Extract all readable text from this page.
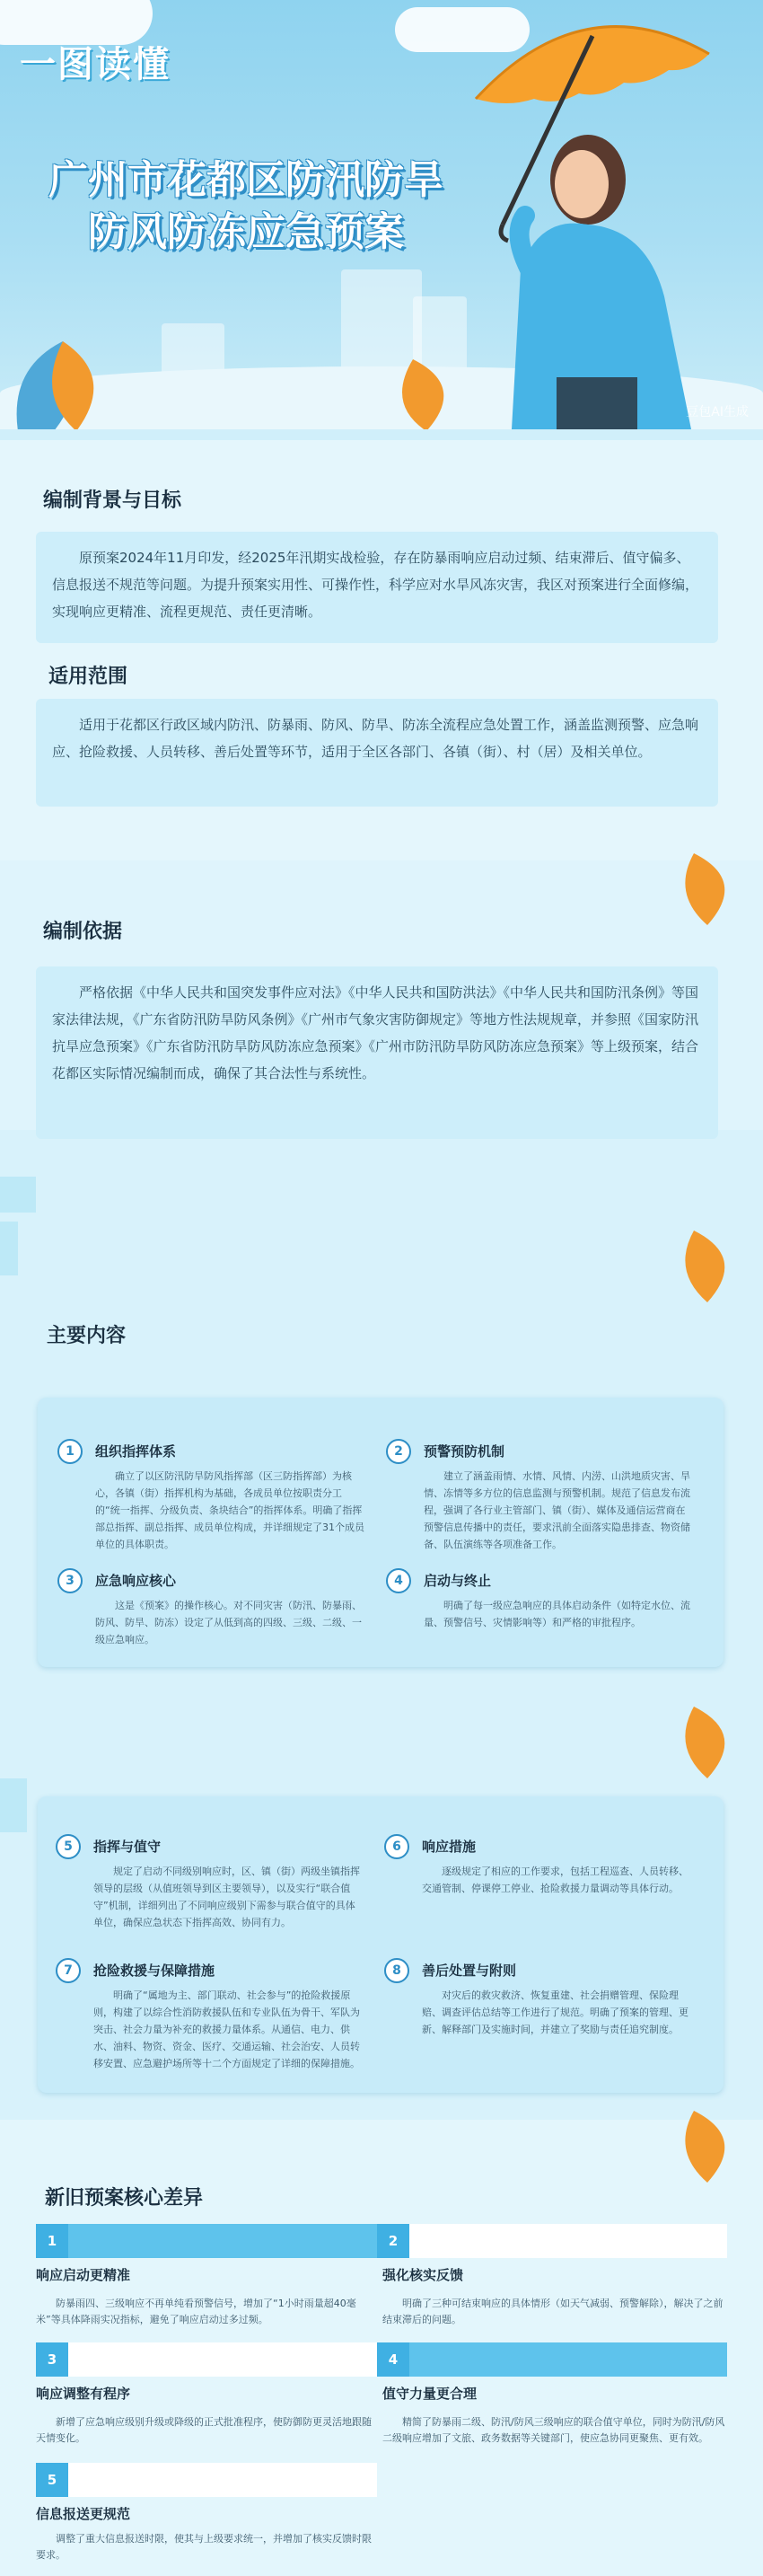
一图读懂
广州市花都区防汛防旱
防风防冻应急预案
豆包AI生成
编制背景与目标
原预案2024年11月印发，经2025年汛期实战检验，存在防暴雨响应启动过频、结束滞后、值守偏多、信息报送不规范等问题。为提升预案实用性、可操作性，科学应对水旱风冻灾害，我区对预案进行全面修编，实现响应更精准、流程更规范、责任更清晰。
适用范围
适用于花都区行政区域内防汛、防暴雨、防风、防旱、防冻全流程应急处置工作，涵盖监测预警、应急响应、抢险救援、人员转移、善后处置等环节，适用于全区各部门、各镇（街）、村（居）及相关单位。
编制依据
严格依据《中华人民共和国突发事件应对法》《中华人民共和国防洪法》《中华人民共和国防汛条例》等国家法律法规，《广东省防汛防旱防风条例》《广州市气象灾害防御规定》等地方性法规规章，并参照《国家防汛抗旱应急预案》《广东省防汛防旱防风防冻应急预案》《广州市防汛防旱防风防冻应急预案》等上级预案，结合花都区实际情况编制而成，确保了其合法性与系统性。
主要内容
1	组织指挥体系
确立了以区防汛防旱防风指挥部（区三防指挥部）为核心，各镇（街）指挥机构为基础，各成员单位按职责分工的“统一指挥、分级负责、条块结合”的指挥体系。明确了指挥部总指挥、副总指挥、成员单位构成，并详细规定了31个成员单位的具体职责。
2	预警预防机制
建立了涵盖雨情、水情、风情、内涝、山洪地质灾害、旱情、冻情等多方位的信息监测与预警机制。规范了信息发布流程，强调了各行业主管部门、镇（街）、媒体及通信运营商在预警信息传播中的责任，要求汛前全面落实隐患排查、物资储备、队伍演练等各项准备工作。
3	应急响应核心
这是《预案》的操作核心。对不同灾害（防汛、防暴雨、防风、防旱、防冻）设定了从低到高的四级、三级、二级、一级应急响应。
4	启动与终止
明确了每一级应急响应的具体启动条件（如特定水位、流量、预警信号、灾情影响等）和严格的审批程序。
5	指挥与值守
规定了启动不同级别响应时，区、镇（街）两级坐镇指挥领导的层级（从值班领导到区主要领导），以及实行“联合值守”机制，详细列出了不同响应级别下需参与联合值守的具体单位，确保应急状态下指挥高效、协同有力。
6	响应措施
逐级规定了相应的工作要求，包括工程巡查、人员转移、交通管制、停课停工停业、抢险救援力量调动等具体行动。
7	抢险救援与保障措施
明确了“属地为主、部门联动、社会参与”的抢险救援原则，构建了以综合性消防救援队伍和专业队伍为骨干、军队为突击、社会力量为补充的救援力量体系。从通信、电力、供水、油料、物资、资金、医疗、交通运输、社会治安、人员转移安置、应急避护场所等十二个方面规定了详细的保障措施。
8	善后处置与附则
对灾后的救灾救济、恢复重建、社会捐赠管理、保险理赔、调查评估总结等工作进行了规范。明确了预案的管理、更新、解释部门及实施时间，并建立了奖励与责任追究制度。
新旧预案核心差异
1
响应启动更精准
防暴雨四、三级响应不再单纯看预警信号，增加了“1小时雨量超40毫米”等具体降雨实况指标，避免了响应启动过多过频。
2
强化核实反馈
明确了三种可结束响应的具体情形（如天气减弱、预警解除），解决了之前结束滞后的问题。
3
响应调整有程序
新增了应急响应级别升级或降级的正式批准程序，使防御防更灵活地跟随天情变化。
4
值守力量更合理
精简了防暴雨二级、防汛/防风三级响应的联合值守单位，同时为防汛/防风二级响应增加了文旅、政务数据等关键部门，使应急协同更聚焦、更有效。
5
信息报送更规范
调整了重大信息报送时限，使其与上级要求统一，并增加了核实反馈时限要求。
